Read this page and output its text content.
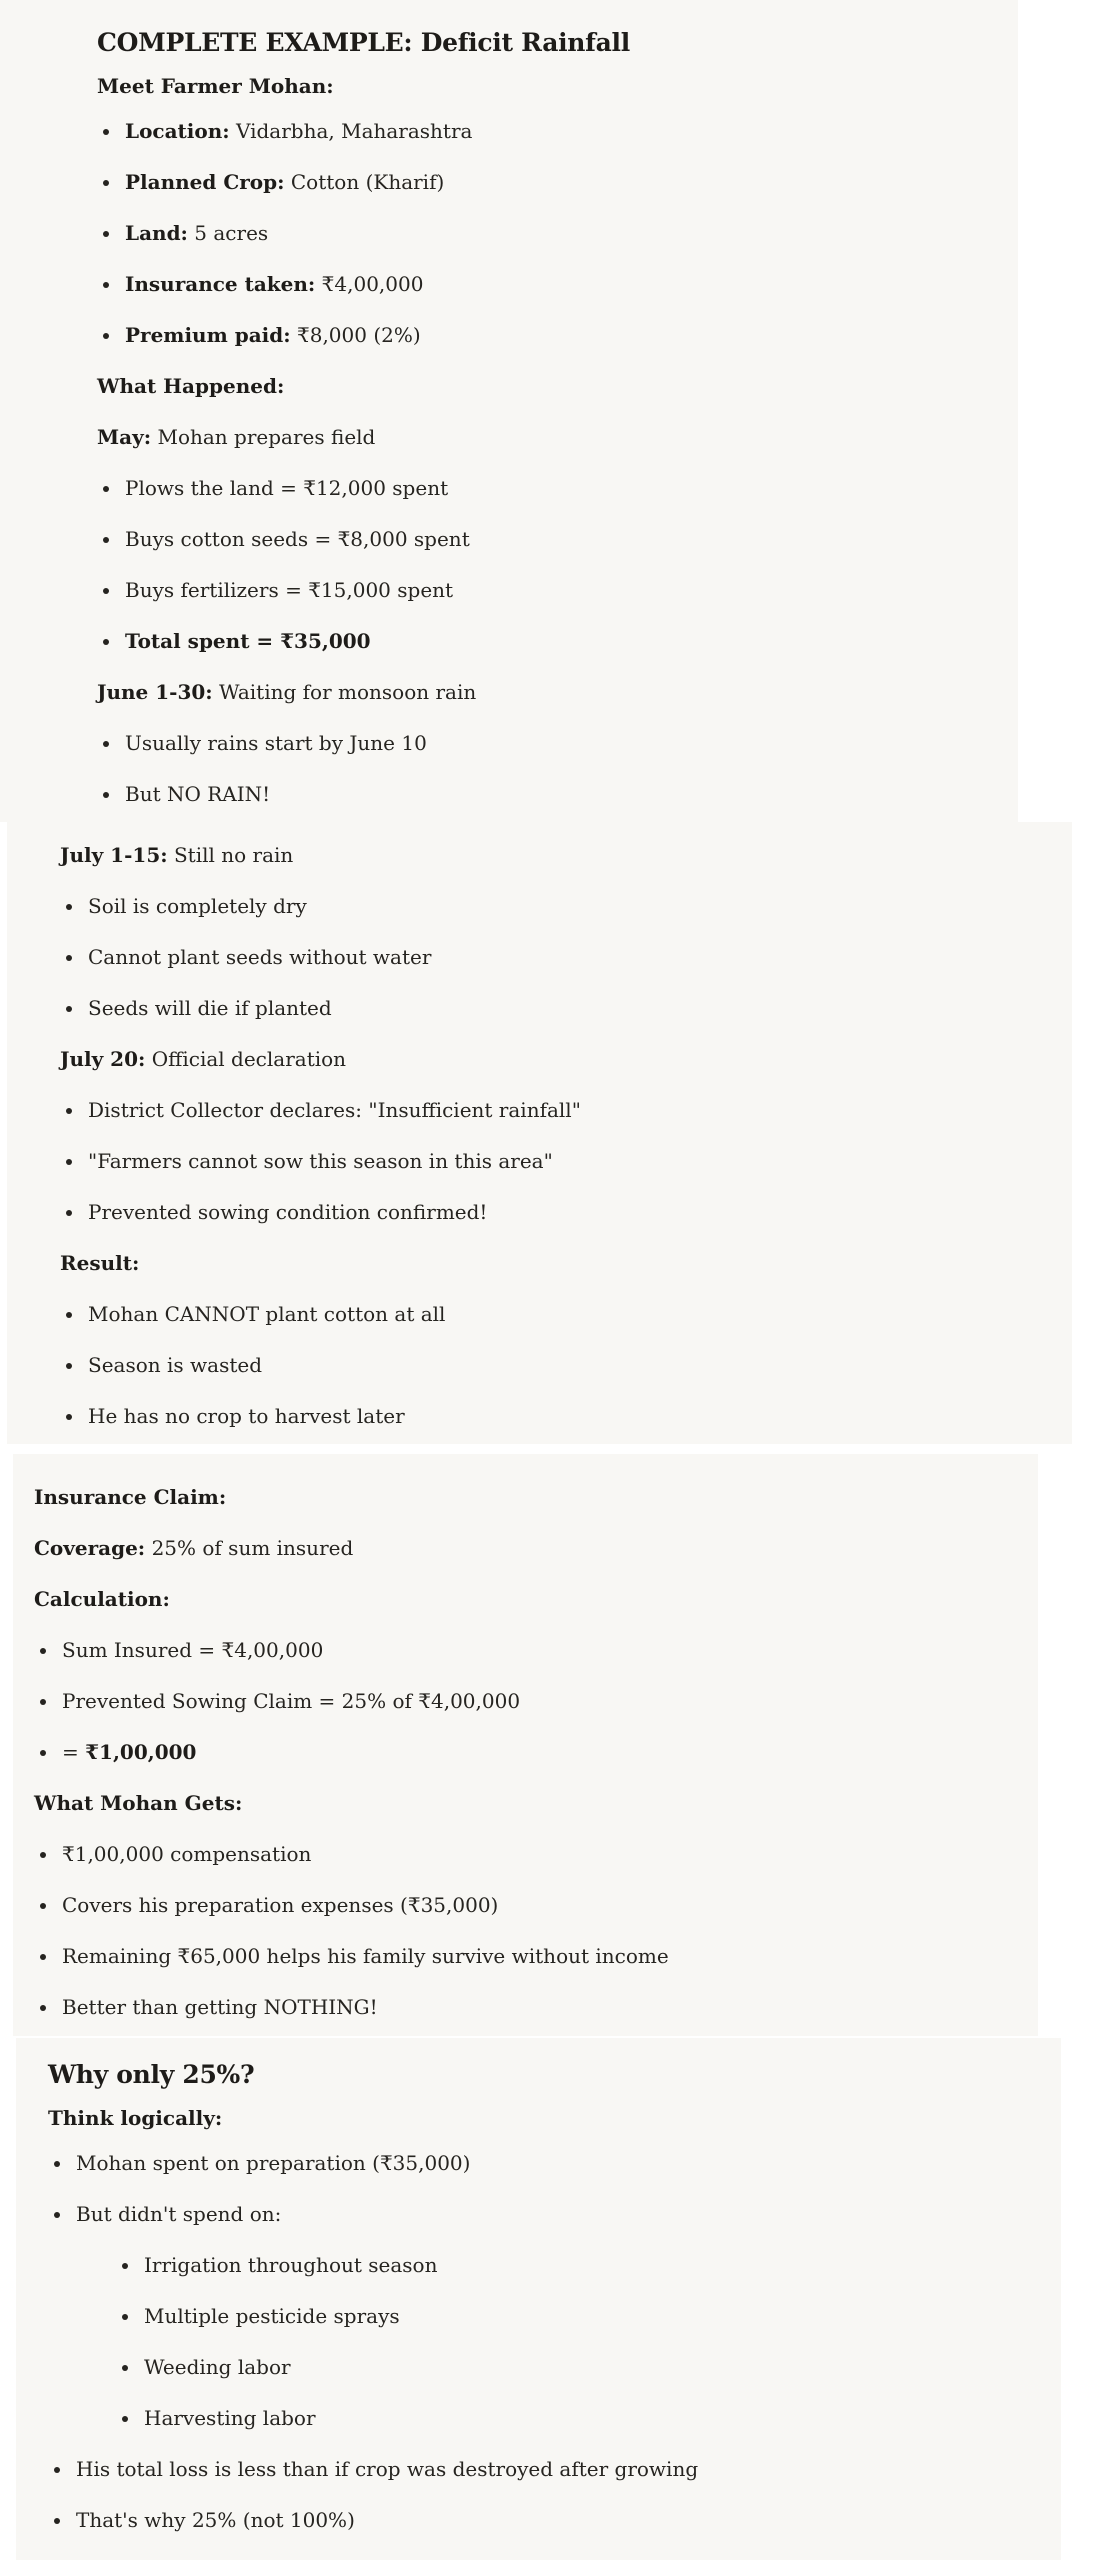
COMPLETE EXAMPLE: Deficit Rainfall

Meet Farmer Mohan:

Location: Vidarbha, Maharashtra
Planned Crop: Cotton (Kharif)
Land: 5 acres
Insurance taken: ₹4,00,000
Premium paid: ₹8,000 (2%)

What Happened:

May: Mohan prepares field

Plows the land = ₹12,000 spent
Buys cotton seeds = ₹8,000 spent
Buys fertilizers = ₹15,000 spent
Total spent = ₹35,000

June 1-30: Waiting for monsoon rain

Usually rains start by June 10
But NO RAIN!

July 1-15: Still no rain

Soil is completely dry
Cannot plant seeds without water
Seeds will die if planted

July 20: Official declaration

District Collector declares: "Insufficient rainfall"
"Farmers cannot sow this season in this area"
Prevented sowing condition confirmed!

Result:

Mohan CANNOT plant cotton at all
Season is wasted
He has no crop to harvest later

Insurance Claim:

Coverage: 25% of sum insured

Calculation:

Sum Insured = ₹4,00,000
Prevented Sowing Claim = 25% of ₹4,00,000
= ₹1,00,000

What Mohan Gets:

₹1,00,000 compensation
Covers his preparation expenses (₹35,000)
Remaining ₹65,000 helps his family survive without income
Better than getting NOTHING!
Why only 25%?

Think logically:

Mohan spent on preparation (₹35,000)
But didn't spend on:
Irrigation throughout season
Multiple pesticide sprays
Weeding labor
Harvesting labor
His total loss is less than if crop was destroyed after growing
That's why 25% (not 100%)
